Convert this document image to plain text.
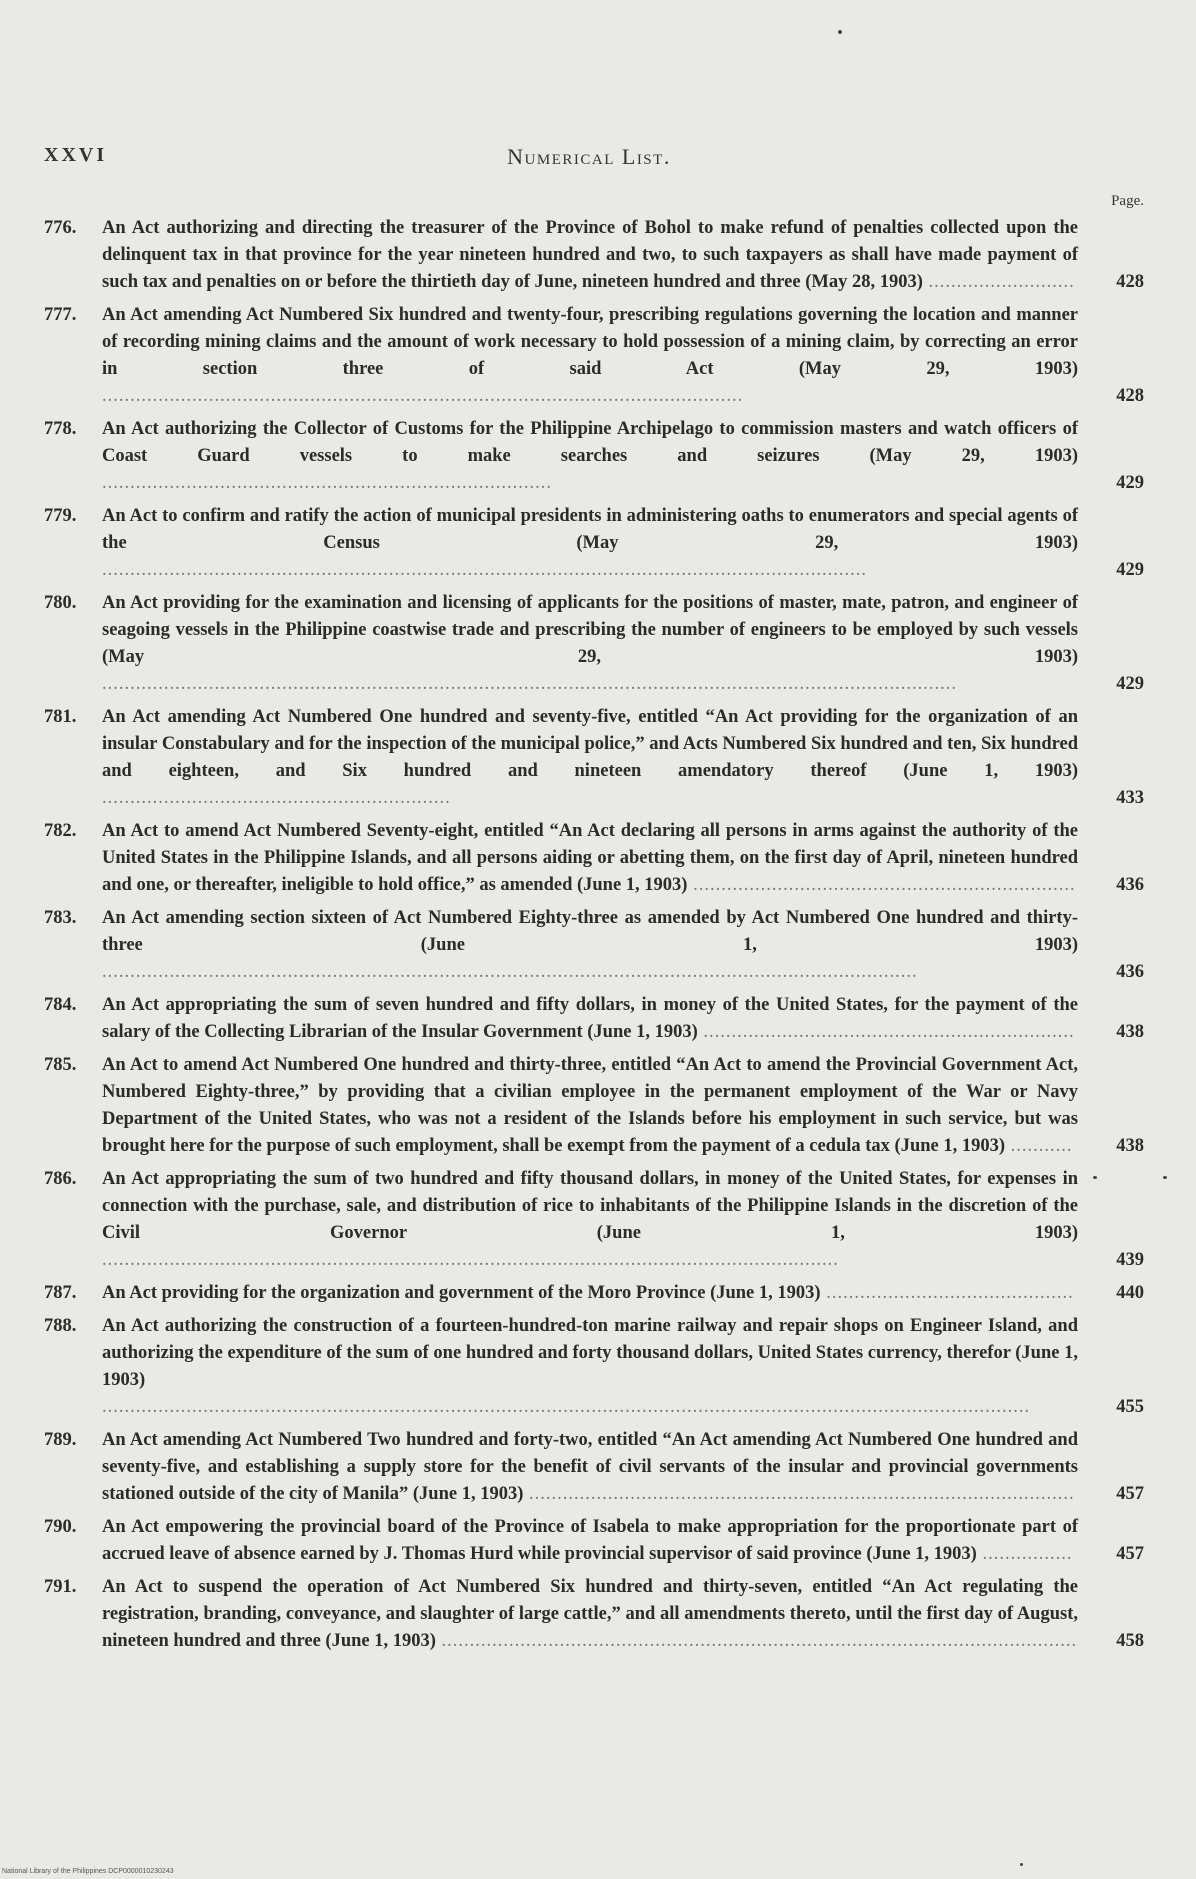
XXVI	Numerical List.
Page.
776.	An Act authorizing and directing the treasurer of the Province of Bohol to make refund of penalties collected upon the delinquent tax in that province for the year nineteen hundred and two, to such taxpayers as shall have made payment of such tax and penalties on or before the thirtieth day of June, nineteen hundred and three (May 28, 1903) ..........................	428
777.	An Act amending Act Numbered Six hundred and twenty-four, prescribing regulations governing the location and manner of recording mining claims and the amount of work necessary to hold possession of a mining claim, by correcting an error in section three of said Act (May 29, 1903) ..................................................................................................................	428
778.	An Act authorizing the Collector of Customs for the Philippine Archipelago to commission masters and watch officers of Coast Guard vessels to make searches and seizures (May 29, 1903) ................................................................................	429
779.	An Act to confirm and ratify the action of municipal presidents in administering oaths to enumerators and special agents of the Census (May 29, 1903) ........................................................................................................................................	429
780.	An Act providing for the examination and licensing of applicants for the positions of master, mate, patron, and engineer of seagoing vessels in the Philippine coastwise trade and prescribing the number of engineers to be employed by such vessels (May 29, 1903) ........................................................................................................................................................	429
781.	An Act amending Act Numbered One hundred and seventy-five, entitled “An Act providing for the organization of an insular Constabulary and for the inspection of the municipal police,” and Acts Numbered Six hundred and ten, Six hundred and eighteen, and Six hundred and nineteen amendatory thereof (June 1, 1903) ..............................................................	433
782.	An Act to amend Act Numbered Seventy-eight, entitled “An Act declaring all persons in arms against the authority of the United States in the Philippine Islands, and all persons aiding or abetting them, on the first day of April, nineteen hundred and one, or thereafter, ineligible to hold office,” as amended (June 1, 1903) ....................................................................	436
783.	An Act amending section sixteen of Act Numbered Eighty-three as amended by Act Numbered One hundred and thirty-three (June 1, 1903) .................................................................................................................................................	436
784.	An Act appropriating the sum of seven hundred and fifty dollars, in money of the United States, for the payment of the salary of the Collecting Librarian of the Insular Government (June 1, 1903) ..................................................................	438
785.	An Act to amend Act Numbered One hundred and thirty-three, entitled “An Act to amend the Provincial Government Act, Numbered Eighty-three,” by providing that a civilian employee in the permanent employment of the War or Navy Department of the United States, who was not a resident of the Islands before his employment in such service, but was brought here for the purpose of such employment, shall be exempt from the payment of a cedula tax (June 1, 1903) ...........	438
786.	An Act appropriating the sum of two hundred and fifty thousand dollars, in money of the United States, for expenses in connection with the purchase, sale, and distribution of rice to inhabitants of the Philippine Islands in the discretion of the Civil Governor (June 1, 1903) ...................................................................................................................................	439
787.	An Act providing for the organization and government of the Moro Province (June 1, 1903) ............................................	440
788.	An Act authorizing the construction of a fourteen-hundred-ton marine railway and repair shops on Engineer Island, and authorizing the expenditure of the sum of one hundred and forty thousand dollars, United States currency, therefor (June 1, 1903) .....................................................................................................................................................................	455
789.	An Act amending Act Numbered Two hundred and forty-two, entitled “An Act amending Act Numbered One hundred and seventy-five, and establishing a supply store for the benefit of civil servants of the insular and provincial governments stationed outside of the city of Manila” (June 1, 1903) .................................................................................................	457
790.	An Act empowering the provincial board of the Province of Isabela to make appropriation for the proportionate part of accrued leave of absence earned by J. Thomas Hurd while provincial supervisor of said province (June 1, 1903) ................	457
791.	An Act to suspend the operation of Act Numbered Six hundred and thirty-seven, entitled “An Act regulating the registration, branding, conveyance, and slaughter of large cattle,” and all amendments thereto, until the first day of August, nineteen hundred and three (June 1, 1903) .................................................................................................................	458
National Library of the Philippines DCP0000010230243
